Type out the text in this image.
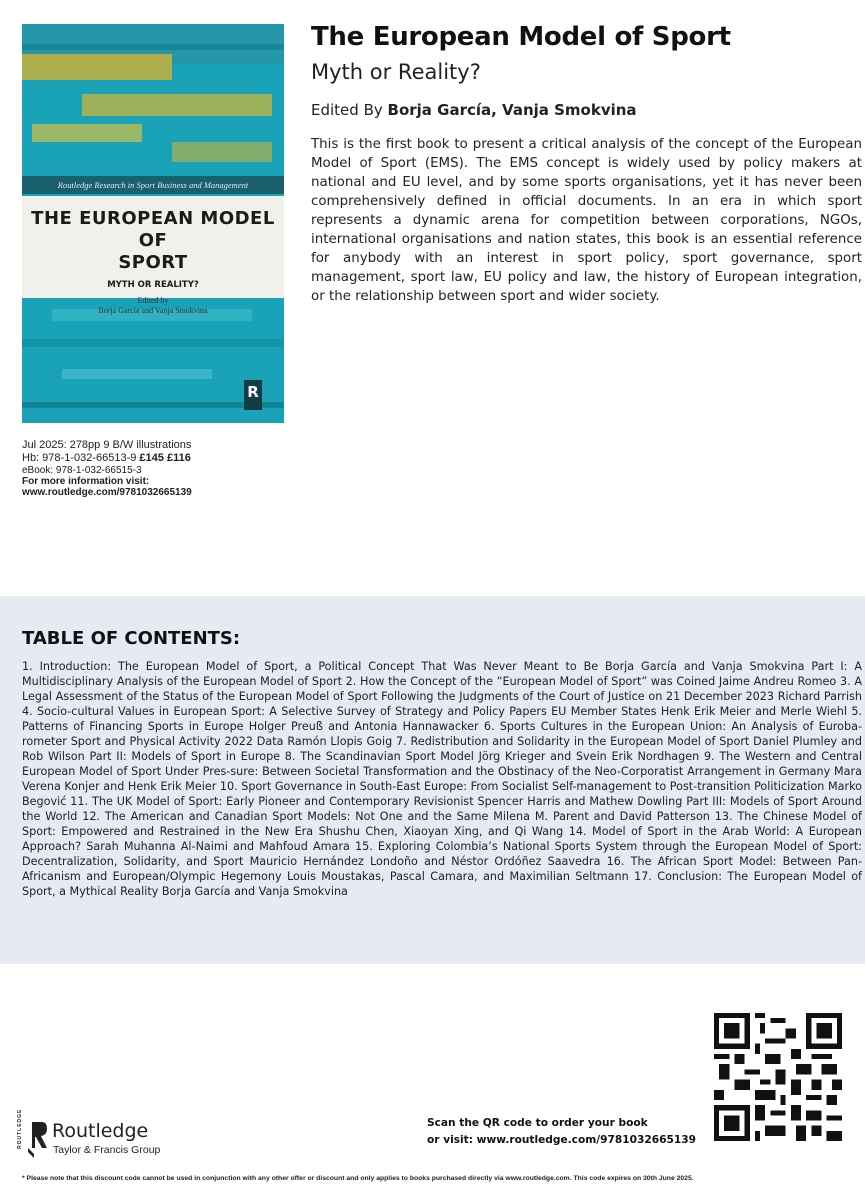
Routledge Research in Sport Business and Management
THE EUROPEAN MODEL OF
SPORT
MYTH OR REALITY?
Edited by
Borja García and Vanja Smokvina
R
Jul 2025: 278pp 9 B/W illustrations
Hb: 978-1-032-66513-9 £145 £116
eBook: 978-1-032-66515-3
For more information visit:
www.routledge.com/9781032665139
The European Model of Sport
Myth or Reality?
Edited By Borja García, Vanja Smokvina
This is the first book to present a critical analysis of the concept of the European Model of Sport (EMS). The EMS concept is widely used by policy makers at national and EU level, and by some sports organisations, yet it has never been comprehensively defined in official documents. In an era in which sport represents a dynamic arena for competition between corporations, NGOs, international organisations and nation states, this book is an essential reference for anybody with an interest in sport policy, sport governance, sport management, sport law, EU policy and law, the history of European integration, or the relationship between sport and wider society.
TABLE OF CONTENTS:
1. Introduction: The European Model of Sport, a Political Concept That Was Never Meant to Be Borja García and Vanja Smokvina Part I: A Multidisciplinary Analysis of the European Model of Sport 2. How the Concept of the “European Model of Sport” was Coined Jaime Andreu Romeo 3. A Legal Assessment of the Status of the European Model of Sport Following the Judgments of the Court of Justice on 21 December 2023 Richard Parrish 4. Socio-cultural Values in European Sport: A Selective Survey of Strategy and Policy Papers EU Member States Henk Erik Meier and Merle Wiehl 5. Patterns of Financing Sports in Europe Holger Preuß and Antonia Hannawacker 6. Sports Cultures in the European Union: An Analysis of Euroba-rometer Sport and Physical Activity 2022 Data Ramón Llopis Goig 7. Redistribution and Solidarity in the European Model of Sport Daniel Plumley and Rob Wilson Part II: Models of Sport in Europe 8. The Scandinavian Sport Model Jörg Krieger and Svein Erik Nordhagen 9. The Western and Central European Model of Sport Under Pres-sure: Between Societal Transformation and the Obstinacy of the Neo-Corporatist Arrangement in Germany Mara Verena Konjer and Henk Erik Meier 10. Sport Governance in South-East Europe: From Socialist Self-management to Post-transition Politicization Marko Begović 11. The UK Model of Sport: Early Pioneer and Contemporary Revisionist Spencer Harris and Mathew Dowling Part III: Models of Sport Around the World 12. The American and Canadian Sport Models: Not One and the Same Milena M. Parent and David Patterson 13. The Chinese Model of Sport: Empowered and Restrained in the New Era Shushu Chen, Xiaoyan Xing, and Qi Wang 14. Model of Sport in the Arab World: A European Approach? Sarah Muhanna Al-Naimi and Mahfoud Amara 15. Exploring Colombia’s National Sports System through the European Model of Sport: Decentralization, Solidarity, and Sport Mauricio Hernández Londoño and Néstor Ordóñez Saavedra 16. The African Sport Model: Between Pan-Africanism and European/Olympic Hegemony Louis Moustakas, Pascal Camara, and Maximilian Seltmann 17. Conclusion: The European Model of Sport, a Mythical Reality Borja García and Vanja Smokvina
ROUTLEDGE Routledge
Taylor & Francis Group
Scan the QR code to order your book
or visit: www.routledge.com/9781032665139
* Please note that this discount code cannot be used in conjunction with any other offer or discount and only applies to books purchased directly via www.routledge.com. This code expires on 30th June 2025.
